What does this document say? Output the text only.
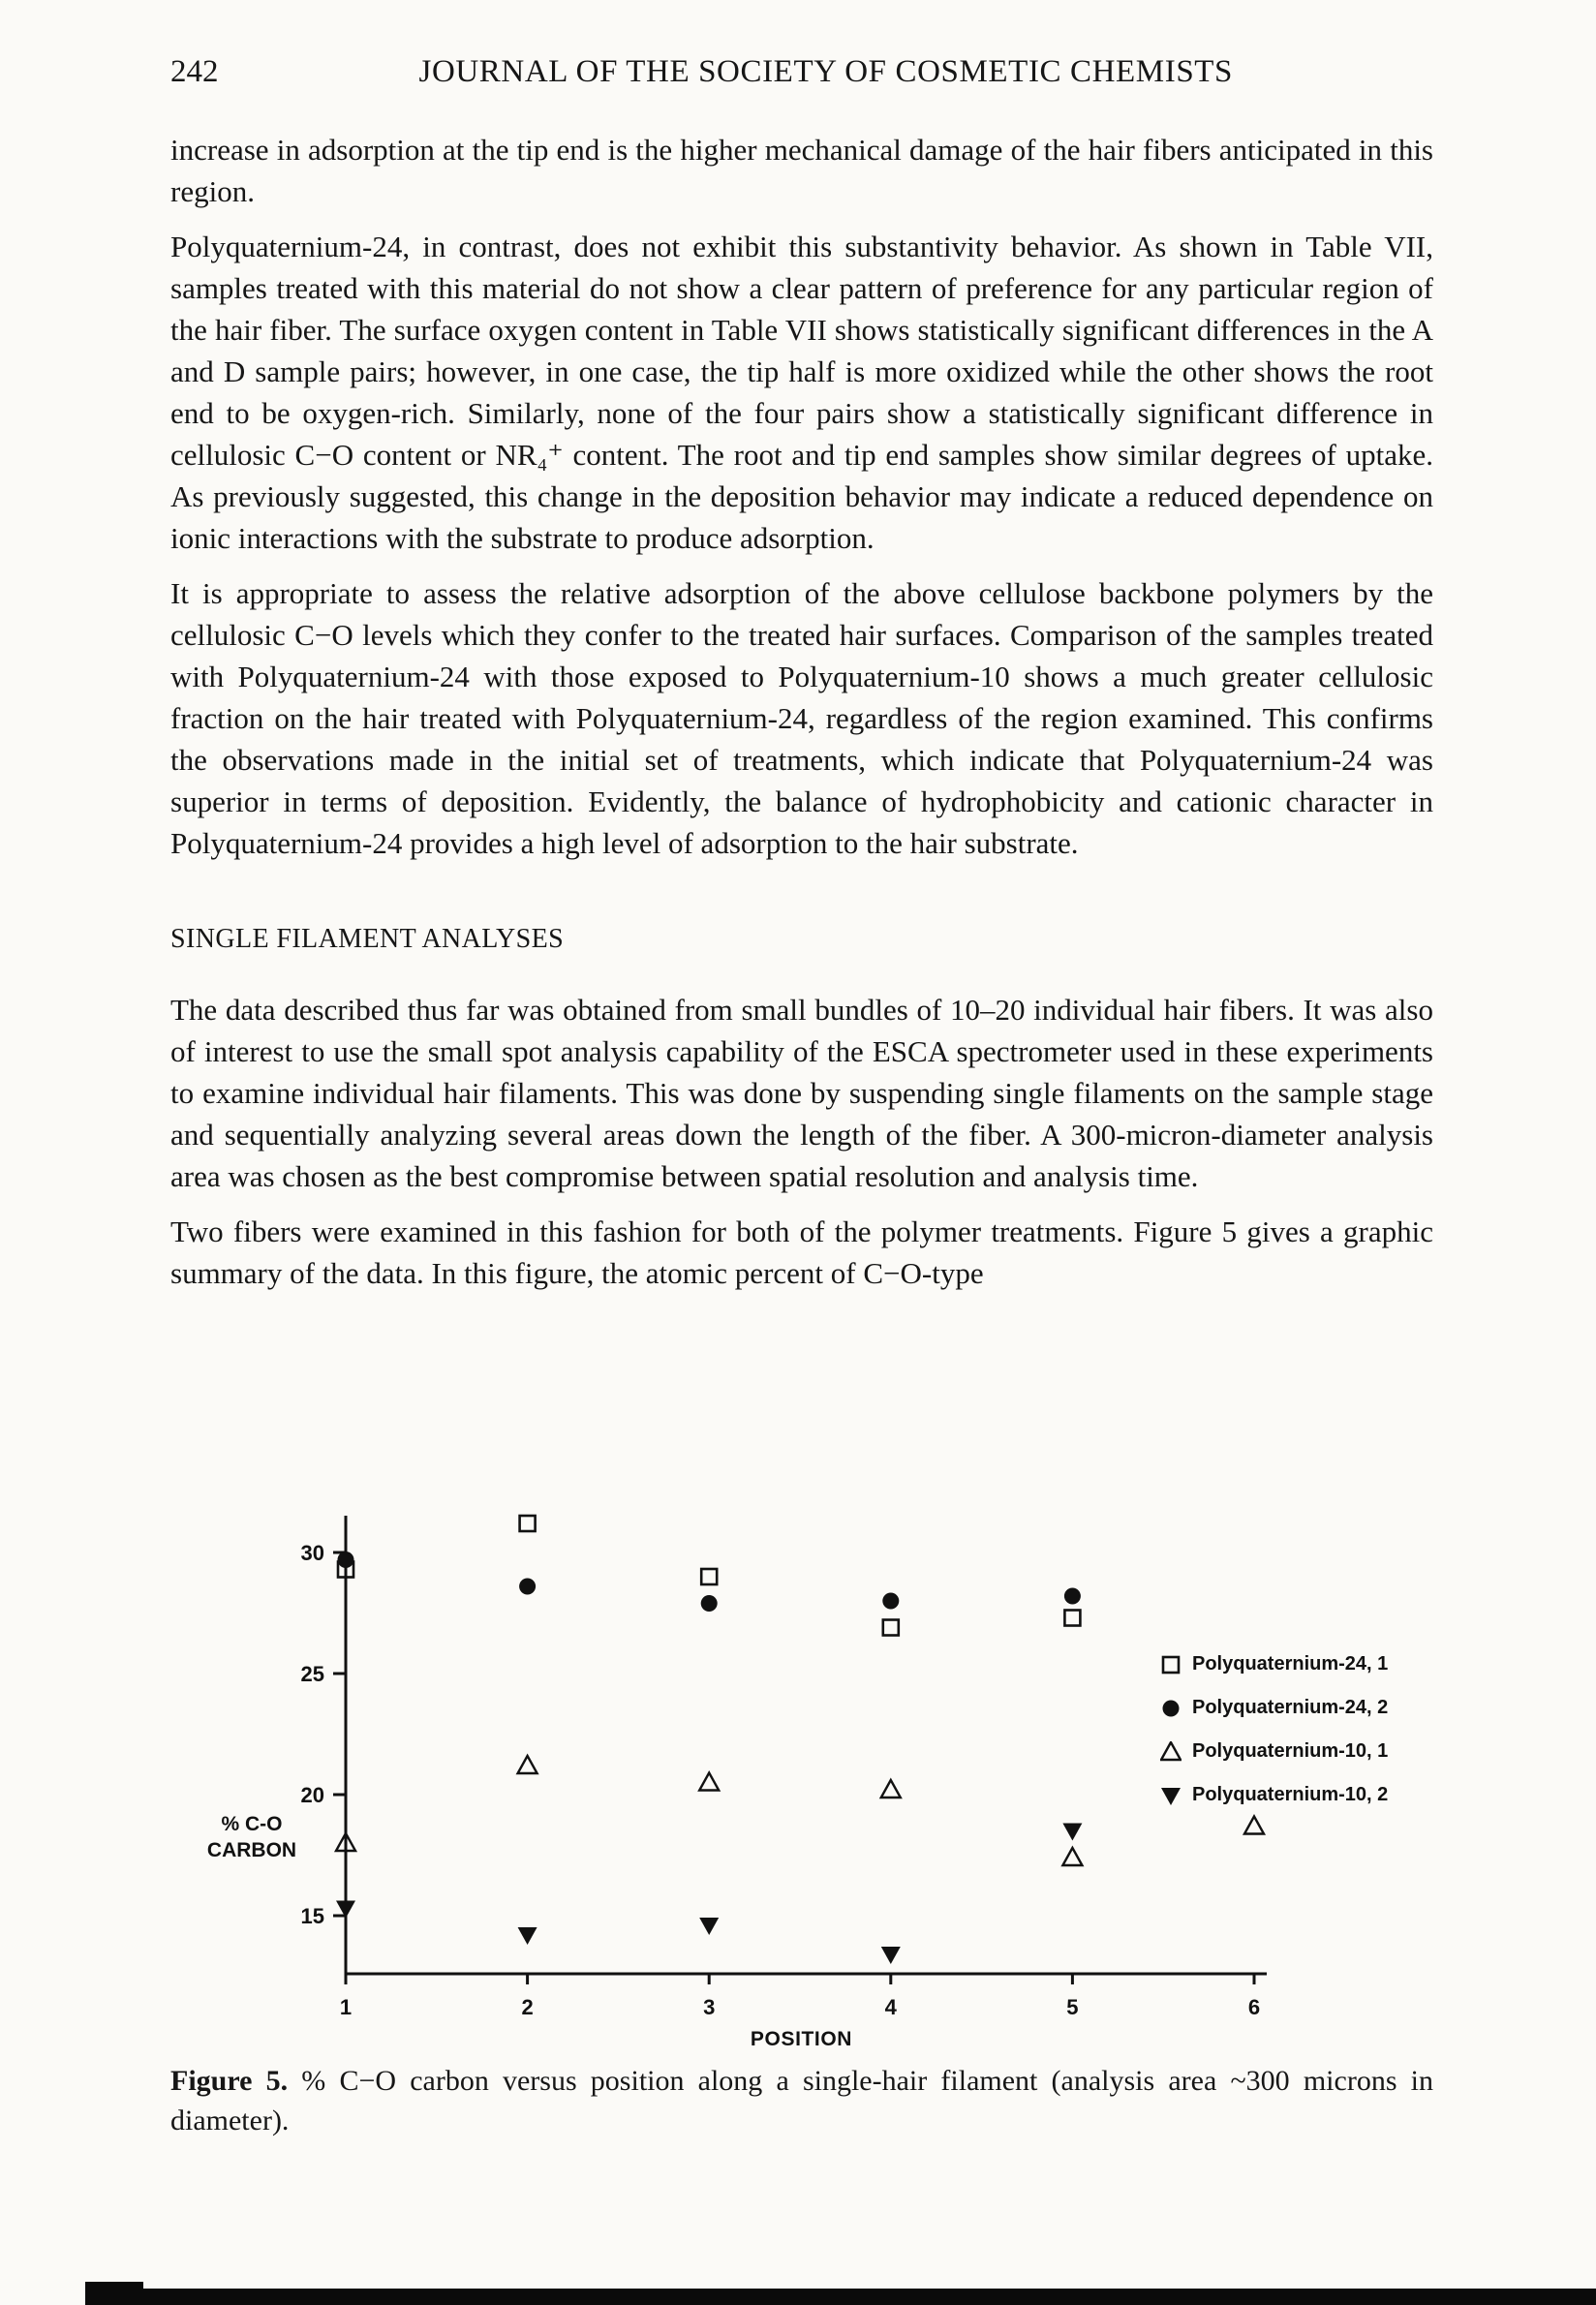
242	JOURNAL OF THE SOCIETY OF COSMETIC CHEMISTS

increase in adsorption at the tip end is the higher mechanical damage of the hair fibers anticipated in this region.

Polyquaternium-24, in contrast, does not exhibit this substantivity behavior. As shown in Table VII, samples treated with this material do not show a clear pattern of preference for any particular region of the hair fiber. The surface oxygen content in Table VII shows statistically significant differences in the A and D sample pairs; however, in one case, the tip half is more oxidized while the other shows the root end to be oxygen-rich. Similarly, none of the four pairs show a statistically significant difference in cellulosic C−O content or NR₄⁺ content. The root and tip end samples show similar degrees of uptake. As previously suggested, this change in the deposition behavior may indicate a reduced dependence on ionic interactions with the substrate to produce adsorption.

It is appropriate to assess the relative adsorption of the above cellulose backbone polymers by the cellulosic C−O levels which they confer to the treated hair surfaces. Comparison of the samples treated with Polyquaternium-24 with those exposed to Polyquaternium-10 shows a much greater cellulosic fraction on the hair treated with Polyquaternium-24, regardless of the region examined. This confirms the observations made in the initial set of treatments, which indicate that Polyquaternium-24 was superior in terms of deposition. Evidently, the balance of hydrophobicity and cationic character in Polyquaternium-24 provides a high level of adsorption to the hair substrate.

SINGLE FILAMENT ANALYSES

The data described thus far was obtained from small bundles of 10–20 individual hair fibers. It was also of interest to use the small spot analysis capability of the ESCA spectrometer used in these experiments to examine individual hair filaments. This was done by suspending single filaments on the sample stage and sequentially analyzing several areas down the length of the fiber. A 300-micron-diameter analysis area was chosen as the best compromise between spatial resolution and analysis time.

Two fibers were examined in this fashion for both of the polymer treatments. Figure 5 gives a graphic summary of the data. In this figure, the atomic percent of C−O-type

15
20
25
30
1	2	3	4	5	6
POSITION
% C-O
CARBON
Polyquaternium-24, 1
Polyquaternium-24, 2
Polyquaternium-10, 1
Polyquaternium-10, 2
Figure 5. % C−O carbon versus position along a single-hair filament (analysis area ~300 microns in diameter).
